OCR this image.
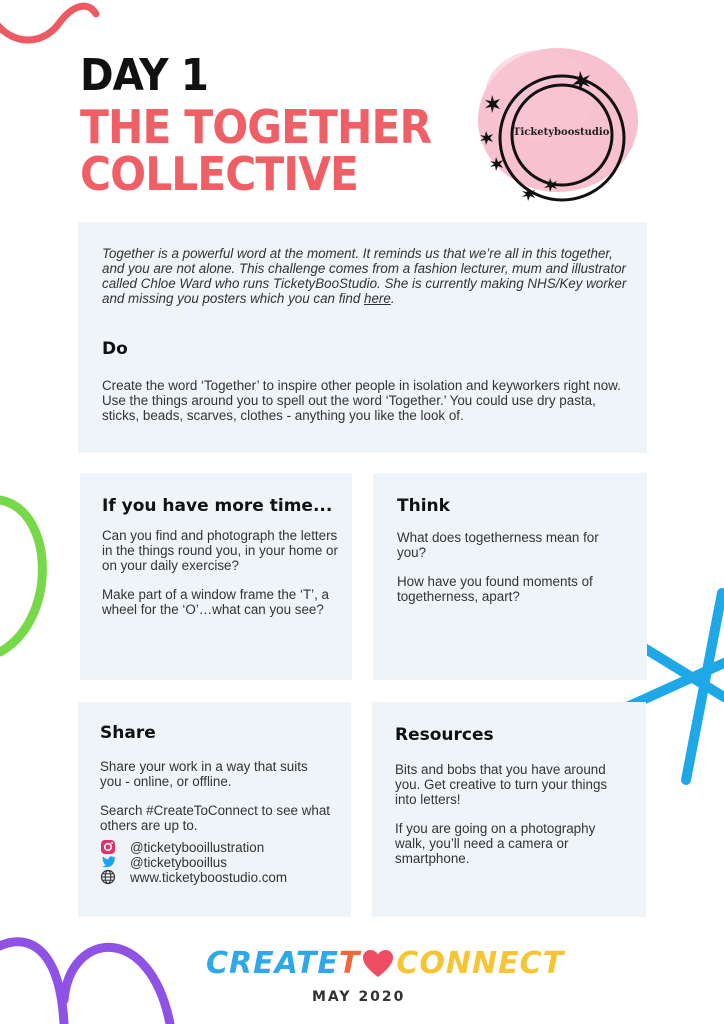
DAY 1
THE TOGETHER
COLLECTIVE
Ticketyboostudio
Together is a powerful word at the moment. It reminds us that we’re all in this together, and you are not alone. This challenge comes from a fashion lecturer, mum and illustrator called Chloe Ward who runs TicketyBooStudio. She is currently making NHS/Key worker and missing you posters which you can find here.
Do
Create the word ‘Together’ to inspire other people in isolation and keyworkers right now. Use the things around you to spell out the word ‘Together.’ You could use dry pasta, sticks, beads, scarves, clothes - anything you like the look of.
If you have more time...
Can you find and photograph the letters in the things round you, in your home or on your daily exercise?
Make part of a window frame the ‘T’, a wheel for the ‘O’…what can you see?
Think
What does togetherness mean for you?
How have you found moments of togetherness, apart?
Share
Share your work in a way that suits you - online, or offline.
Search #CreateToConnect to see what others are up to.
@ticketybooillustration
@ticketybooillus
www.ticketyboostudio.com
Resources
Bits and bobs that you have around you. Get creative to turn your things into letters!
If you are going on a photography walk, you’ll need a camera or smartphone.
CREATE T CONNECT
MAY 2020
